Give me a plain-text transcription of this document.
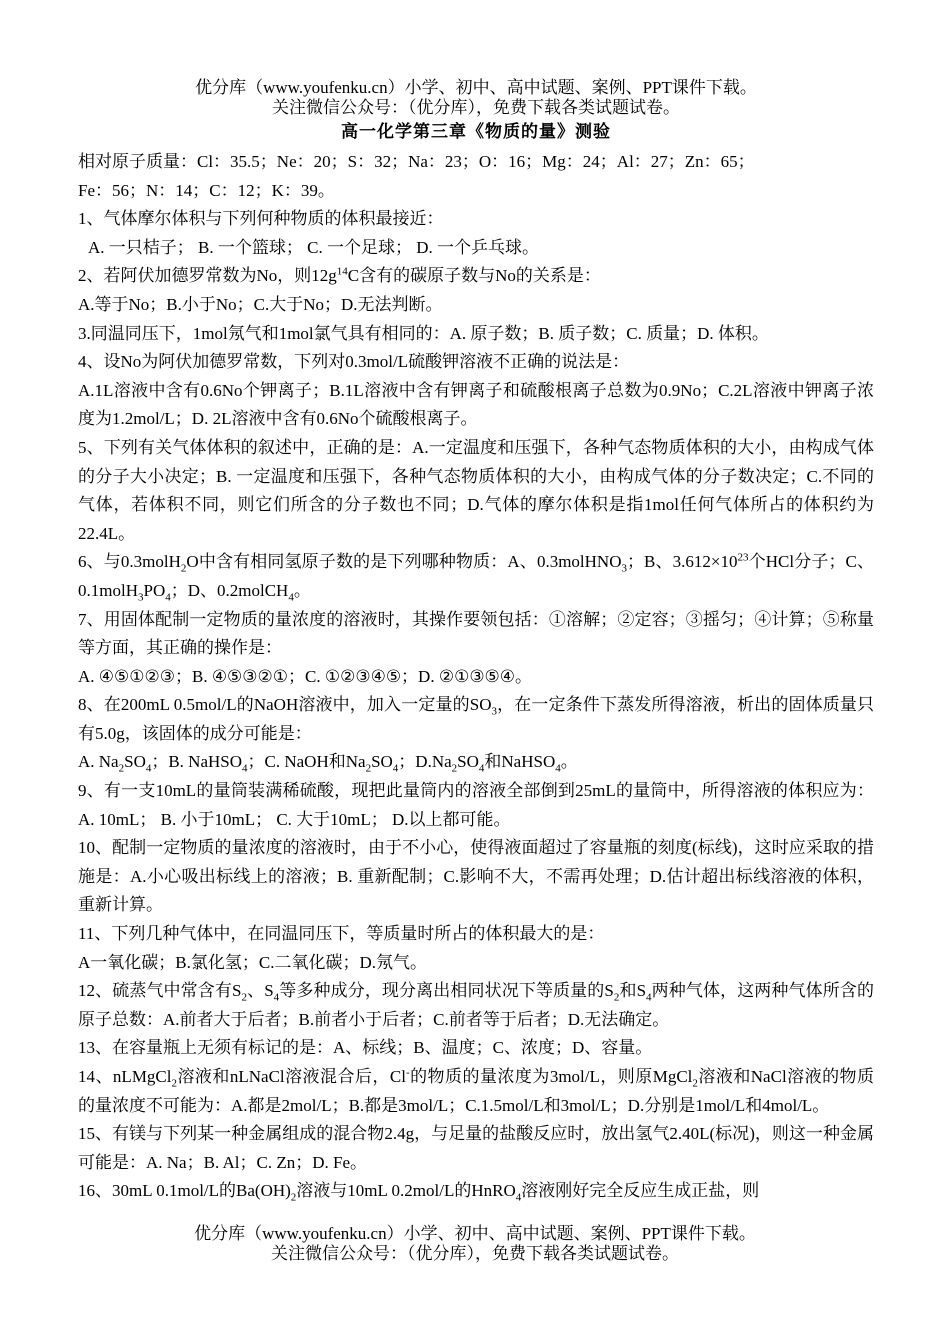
优分库（www.youfenku.cn）小学、初中、高中试题、案例、PPT课件下载。
关注微信公众号：（优分库），免费下载各类试题试卷。
高一化学第三章《物质的量》测验

相对原子质量：Cl：35.5；Ne：20；S：32；Na：23；O：16；Mg：24；Al：27；Zn：65；

Fe：56；N：14；C：12；K：39。

1、气体摩尔体积与下列何种物质的体积最接近：

A. 一只桔子； B. 一个篮球； C. 一个足球； D. 一个乒乓球。

2、若阿伏加德罗常数为No，则$12g^{14}C$含有的碳原子数与No的关系是：

A.等于No；B.小于No；C.大于No；D.无法判断。

3.同温同压下，1mol氖气和1mol氯气具有相同的：A. 原子数；B. 质子数；C. 质量；D. 体积。

4、设No为阿伏加德罗常数，下列对0.3mol/L硫酸钾溶液不正确的说法是：

A.1L溶液中含有0.6No个钾离子；B.1L溶液中含有钾离子和硫酸根离子总数为0.9No；C.2L溶液中钾离子浓度为1.2mol/L；D. 2L溶液中含有0.6No个硫酸根离子。

5、下列有关气体体积的叙述中，正确的是：A.一定温度和压强下，各种气态物质体积的大小，由构成气体的分子大小决定；B. 一定温度和压强下，各种气态物质体积的大小，由构成气体的分子数决定；C.不同的气体，若体积不同，则它们所含的分子数也不同；D.气体的摩尔体积是指1mol任何气体所占的体积约为22.4L。

6、与0.3molH$_2$O中含有相同氢原子数的是下列哪种物质：A、0.3molHNO$_3$；B、$3.612\times 10^{23}$个HCl分子；C、$0.1molH_3PO_4$；D、0.2molCH$_4$。

7、用固体配制一定物质的量浓度的溶液时，其操作要领包括：①溶解；②定容；③摇匀；④计算；⑤称量等方面，其正确的操作是：

A. ④⑤①②③；B. ④⑤③②①；C. ①②③④⑤；D. ②①③⑤④。

8、在200mL 0.5mol/L的NaOH溶液中，加入一定量的$SO_3$，在一定条件下蒸发所得溶液，析出的固体质量只有5.0g，该固体的成分可能是：

A. $Na_2SO_4$；B. NaHSO$_4$；C. NaOH和$Na_2SO_4$；$D.Na_2SO_4$和NaHSO$_4$。

9、有一支10mL的量筒装满稀硫酸，现把此量筒内的溶液全部倒到25mL的量筒中，所得溶液的体积应为： A. 10mL； B. 小于10mL； C. 大于10mL； D.以上都可能。

10、配制一定物质的量浓度的溶液时，由于不小心，使得液面超过了容量瓶的刻度(标线)，这时应采取的措施是：A.小心吸出标线上的溶液；B. 重新配制；C.影响不大，不需再处理；D.估计超出标线溶液的体积，重新计算。

11、下列几种气体中，在同温同压下，等质量时所占的体积最大的是：

A一氧化碳；B.氯化氢；C.二氧化碳；D.氖气。

12、硫蒸气中常含有$S_2$、$S_4$等多种成分，现分离出相同状况下等质量的$S_2$和$S_4$两种气体，这两种气体所含的原子总数：A.前者大于后者；B.前者小于后者；C.前者等于后者；D.无法确定。

13、在容量瓶上无须有标记的是：A、标线；B、温度；C、浓度；D、容量。

14、nLMgCl$_2$溶液和nLNaCl溶液混合后，Cl-的物质的量浓度为3mol/L，则原MgCl$_2$溶液和NaCl溶液的物质的量浓度不可能为：A.都是2mol/L；B.都是3mol/L；C.1.5mol/L和3mol/L；D.分别是1mol/L和4mol/L。

15、有镁与下列某一种金属组成的混合物2.4g，与足量的盐酸反应时，放出氢气2.40L(标况)，则这一种金属可能是：A. Na；B. Al；C. Zn；D. Fe。

16、30mL 0.1mol/L的$Ba(OH)_2$溶液与10mL 0.2mol/L的HnRO$_4$溶液刚好完全反应生成正盐，则

优分库（www.youfenku.cn）小学、初中、高中试题、案例、PPT课件下载。
关注微信公众号：（优分库），免费下载各类试题试卷。
